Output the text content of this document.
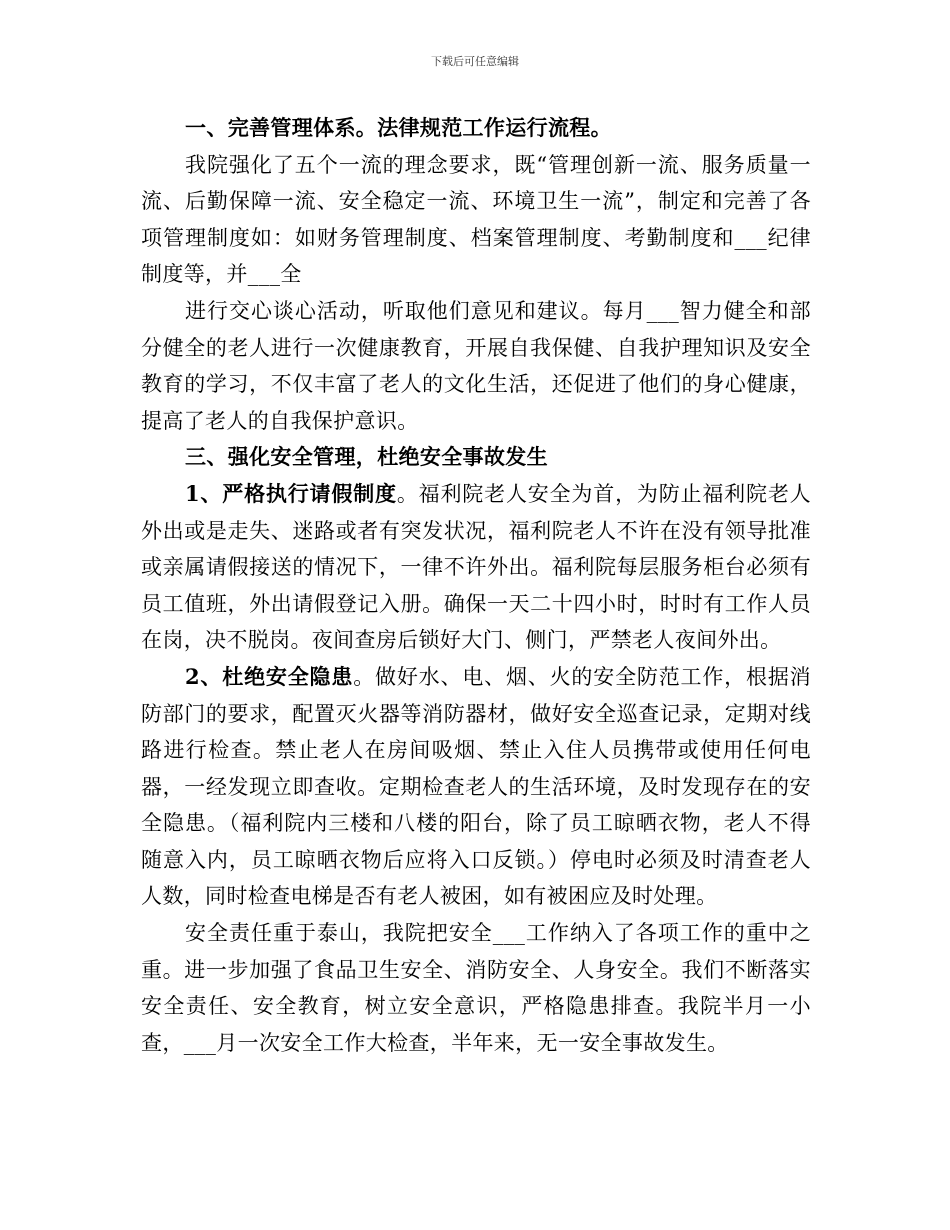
下载后可任意编辑

一、完善管理体系。法律规范工作运行流程。

我院强化了五个一流的理念要求，既“管理创新一流、服务质量一流、后勤保障一流、安全稳定一流、环境卫生一流”，制定和完善了各项管理制度如：如财务管理制度、档案管理制度、考勤制度和___纪律制度等，并___全

进行交心谈心活动，听取他们意见和建议。每月___智力健全和部分健全的老人进行一次健康教育，开展自我保健、自我护理知识及安全教育的学习，不仅丰富了老人的文化生活，还促进了他们的身心健康，提高了老人的自我保护意识。

三、强化安全管理，杜绝安全事故发生

1、严格执行请假制度。福利院老人安全为首，为防止福利院老人外出或是走失、迷路或者有突发状况，福利院老人不许在没有领导批准或亲属请假接送的情况下，一律不许外出。福利院每层服务柜台必须有员工值班，外出请假登记入册。确保一天二十四小时，时时有工作人员在岗，决不脱岗。夜间查房后锁好大门、侧门，严禁老人夜间外出。

2、杜绝安全隐患。做好水、电、烟、火的安全防范工作，根据消防部门的要求，配置灭火器等消防器材，做好安全巡查记录，定期对线路进行检查。禁止老人在房间吸烟、禁止入住人员携带或使用任何电器，一经发现立即查收。定期检查老人的生活环境，及时发现存在的安全隐患。（福利院内三楼和八楼的阳台，除了员工晾晒衣物，老人不得随意入内，员工晾晒衣物后应将入口反锁。）停电时必须及时清查老人人数，同时检查电梯是否有老人被困，如有被困应及时处理。

安全责任重于泰山，我院把安全___工作纳入了各项工作的重中之重。进一步加强了食品卫生安全、消防安全、人身安全。我们不断落实安全责任、安全教育，树立安全意识，严格隐患排查。我院半月一小查，___月一次安全工作大检查，半年来，无一安全事故发生。
